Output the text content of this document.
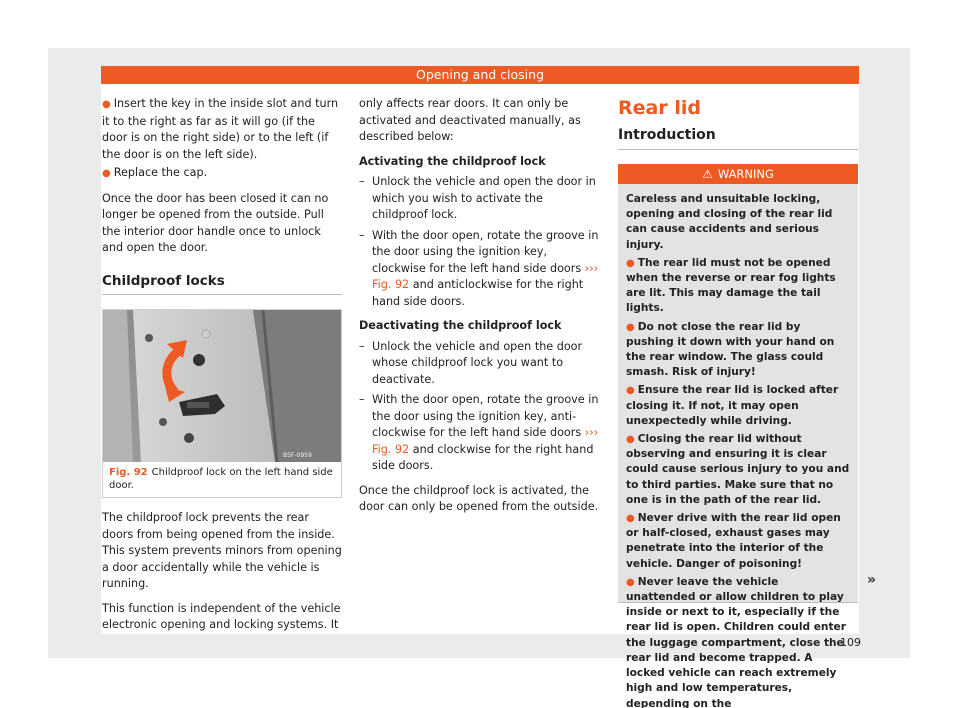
Opening and closing
● Insert the key in the inside slot and turn it to the right as far as it will go (if the door is on the right side) or to the left (if the door is on the left side).
● Replace the cap.

Once the door has been closed it can no longer be opened from the outside. Pull the interior door handle once to unlock and open the door.

Childproof locks
B5F-0959
Fig. 92 Childproof lock on the left hand side door.

The childproof lock prevents the rear doors from being opened from the inside. This system prevents minors from opening a door accidentally while the vehicle is running.

This function is independent of the vehicle electronic opening and locking systems. It

only affects rear doors. It can only be activated and deactivated manually, as described below:

Activating the childproof lock
– Unlock the vehicle and open the door in which you wish to activate the childproof lock.
– With the door open, rotate the groove in the door using the ignition key, clockwise for the left hand side doors ››› Fig. 92 and anticlockwise for the right hand side doors.
Deactivating the childproof lock
– Unlock the vehicle and open the door whose childproof lock you want to deactivate.
– With the door open, rotate the groove in the door using the ignition key, anti-clockwise for the left hand side doors ››› Fig. 92 and clockwise for the right hand side doors.

Once the childproof lock is activated, the door can only be opened from the outside.

Rear lid
Introduction
⚠ WARNING

Careless and unsuitable locking, opening and closing of the rear lid can cause accidents and serious injury.

● The rear lid must not be opened when the reverse or rear fog lights are lit. This may damage the tail lights.

● Do not close the rear lid by pushing it down with your hand on the rear window. The glass could smash. Risk of injury!

● Ensure the rear lid is locked after closing it. If not, it may open unexpectedly while driving.

● Closing the rear lid without observing and ensuring it is clear could cause serious injury to you and to third parties. Make sure that no one is in the path of the rear lid.

● Never drive with the rear lid open or half-closed, exhaust gases may penetrate into the interior of the vehicle. Danger of poisoning!

● Never leave the vehicle unattended or allow children to play inside or next to it, especially if the rear lid is open. Children could enter the luggage compartment, close the rear lid and become trapped. A locked vehicle can reach extremely high and low temperatures, depending on the

»
109
